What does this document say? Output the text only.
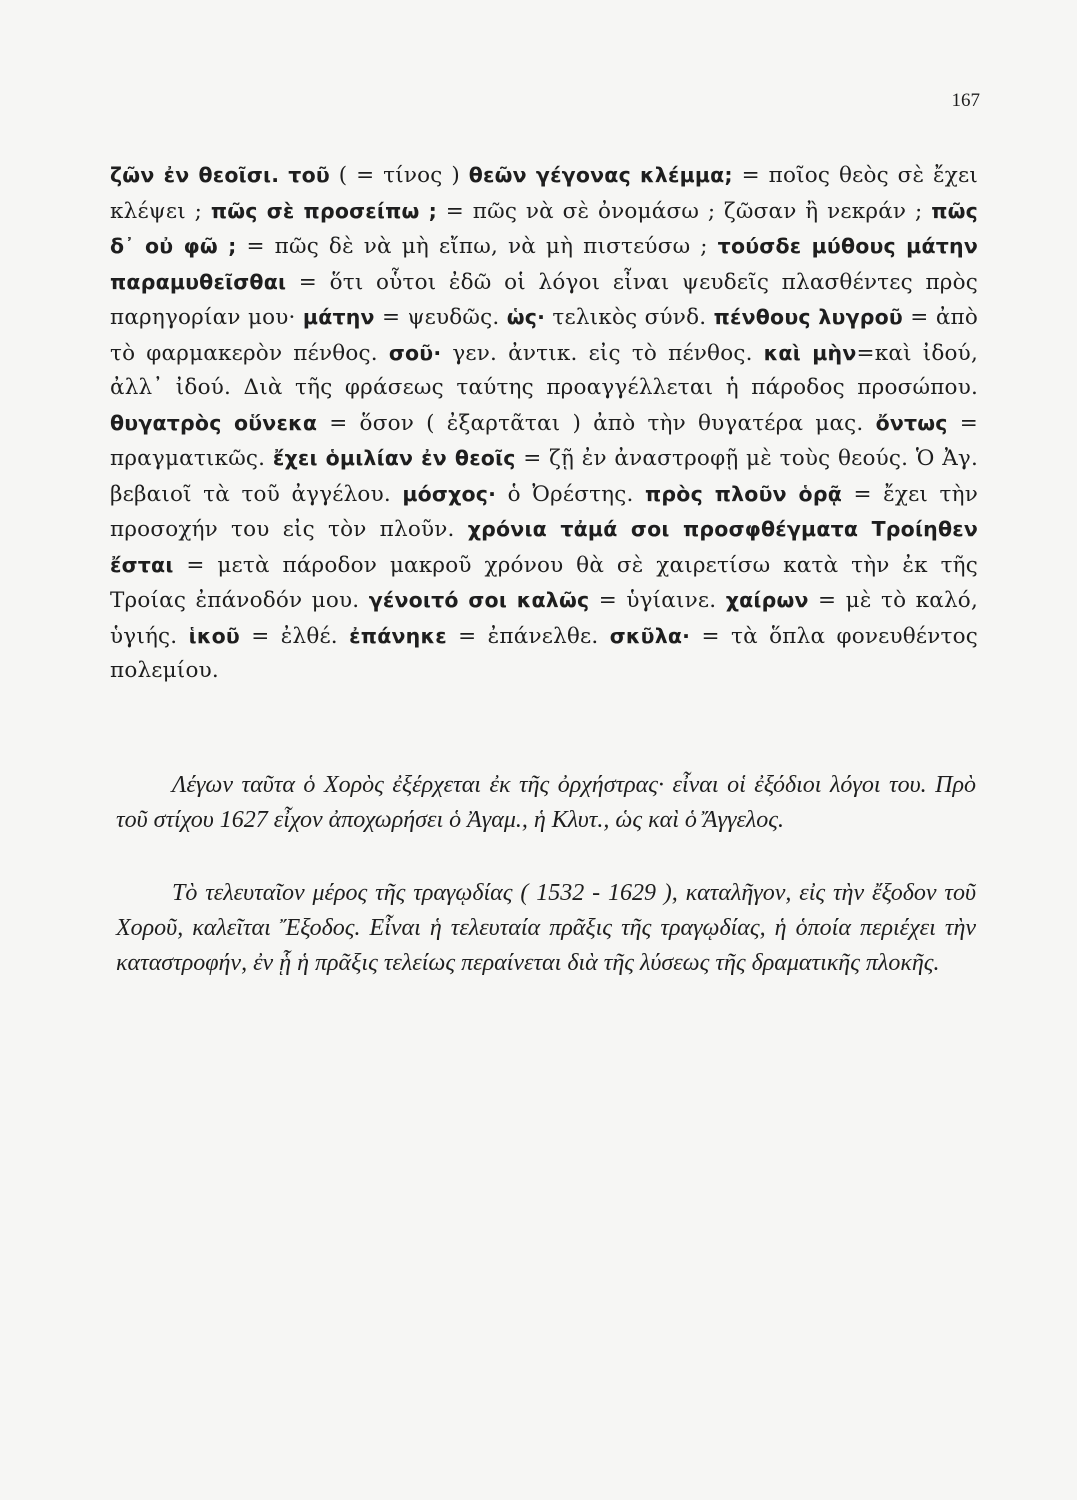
167
ζῶν ἐν θεοῖσι. τοῦ ( = τίνος ) θεῶν γέγονας κλέμμα; = ποῖος θεὸς σὲ ἔχει κλέψει ; πῶς σὲ προσείπω ; = πῶς νὰ σὲ ὀνομάσω ; ζῶσαν ἢ νεκράν ; πῶς δ᾽ οὐ φῶ ; = πῶς δὲ νὰ μὴ εἴπω, νὰ μὴ πιστεύσω ; τούσδε μύθους μάτην παραμυθεῖσθαι = ὅτι οὗτοι ἐδῶ οἱ λόγοι εἶναι ψευδεῖς πλασθέντες πρὸς παρηγορίαν μου· μάτην = ψευδῶς. ὡς· τελικὸς σύνδ. πένθους λυγροῦ = ἀπὸ τὸ φαρμακερὸν πένθος. σοῦ· γεν. ἀντικ. εἰς τὸ πένθος. καὶ μὴν=καὶ ἰδού, ἀλλ᾽ ἰδού. Διὰ τῆς φράσεως ταύτης προαγγέλλεται ἡ πάροδος προσώπου. θυγατρὸς οὕνεκα = ὅσον ( ἐξαρτᾶται ) ἀπὸ τὴν θυγατέρα μας. ὄντως = πραγματικῶς. ἔχει ὁμιλίαν ἐν θεοῖς = ζῇ ἐν ἀναστροφῇ μὲ τοὺς θεούς. Ὁ Ἀγ. βεβαιοῖ τὰ τοῦ ἀγγέλου. μόσχος· ὁ Ὀρέστης. πρὸς πλοῦν ὁρᾷ = ἔχει τὴν προσοχήν του εἰς τὸν πλοῦν. χρόνια τἀμά σοι προσφθέγματα Τροίηθεν ἔσται = μετὰ πάροδον μακροῦ χρόνου θὰ σὲ χαιρετίσω κατὰ τὴν ἐκ τῆς Τροίας ἐπάνοδόν μου. γένοιτό σοι καλῶς = ὑγίαινε. χαίρων = μὲ τὸ καλό, ὑγιής. ἱκοῦ = ἐλθέ. ἐπάνηκε = ἐπάνελθε. σκῦλα· = τὰ ὅπλα φονευθέντος πολεμίου.
Λέγων ταῦτα ὁ Χορὸς ἐξέρχεται ἐκ τῆς ὀρχήστρας· εἶναι οἱ ἐξόδιοι λόγοι του. Πρὸ τοῦ στίχου 1627 εἶχον ἀποχωρήσει ὁ Ἀγαμ., ἡ Κλυτ., ὡς καὶ ὁ Ἄγγελος.
Τὸ τελευταῖον μέρος τῆς τραγῳδίας ( 1532 - 1629 ), καταλῆγον, εἰς τὴν ἔξοδον τοῦ Χοροῦ, καλεῖται Ἔξοδος. Εἶναι ἡ τελευταία πρᾶξις τῆς τραγῳδίας, ἡ ὁποία περιέχει τὴν καταστροφήν, ἐν ᾗ ἡ πρᾶξις τελείως περαίνεται διὰ τῆς λύσεως τῆς δραματικῆς πλοκῆς.
